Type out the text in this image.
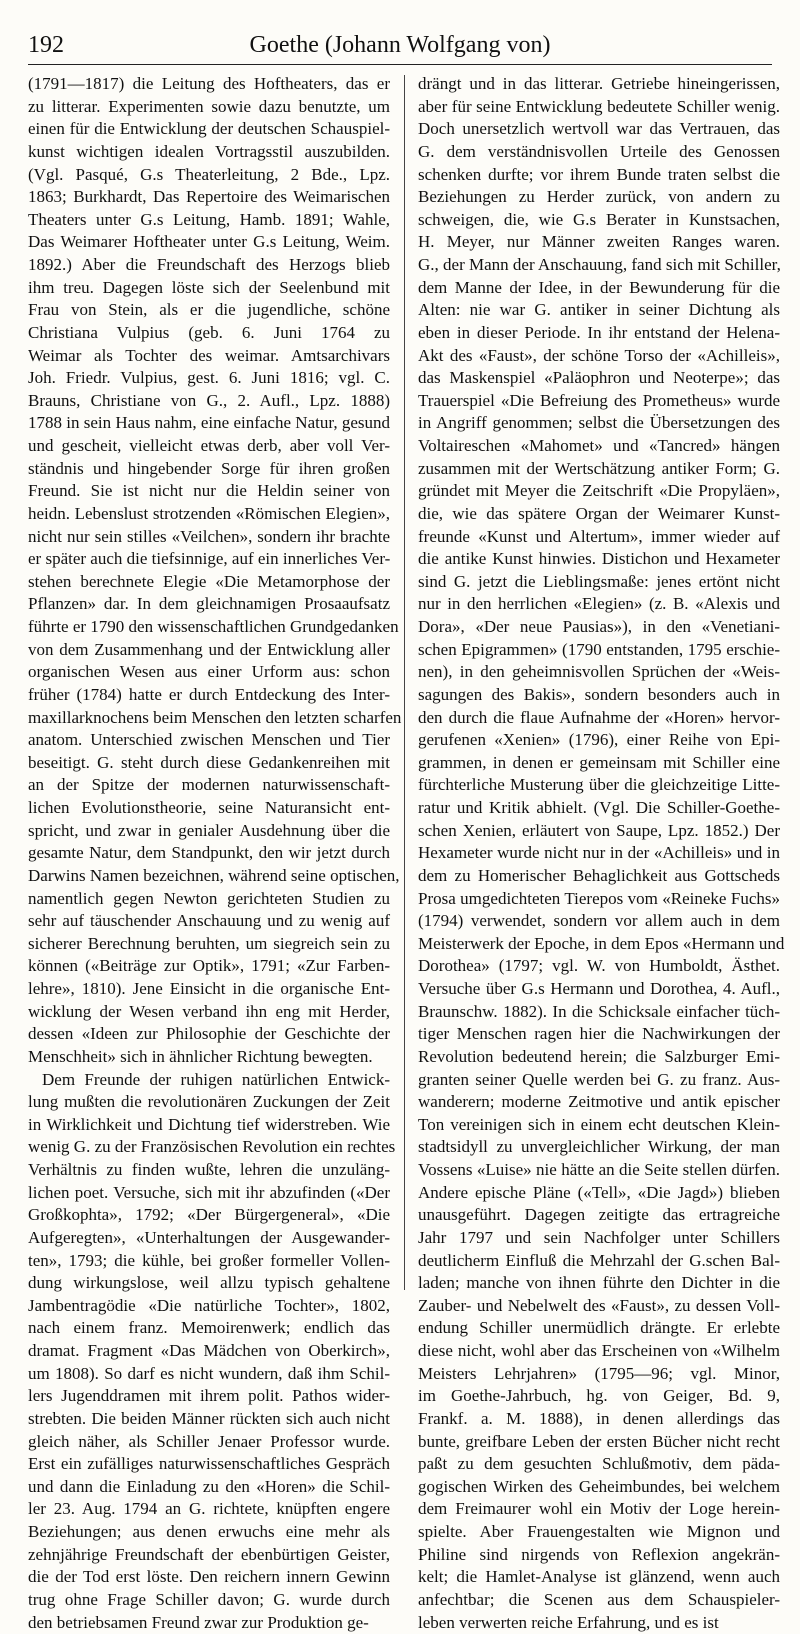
192	Goethe (Johann Wolfgang von)
(1791—1817) die Leitung des Hoftheaters, das er
zu litterar. Experimenten sowie dazu benutzte, um
einen für die Entwicklung der deutschen Schauspiel-
kunst wichtigen idealen Vortragsstil auszubilden.
(Vgl. Pasqué, G.s Theaterleitung, 2 Bde., Lpz.
1863; Burkhardt, Das Repertoire des Weimarischen
Theaters unter G.s Leitung, Hamb. 1891; Wahle,
Das Weimarer Hoftheater unter G.s Leitung, Weim.
1892.) Aber die Freundschaft des Herzogs blieb
ihm treu. Dagegen löste sich der Seelenbund mit
Frau von Stein, als er die jugendliche, schöne
Christiana Vulpius (geb. 6. Juni 1764 zu
Weimar als Tochter des weimar. Amtsarchivars
Joh. Friedr. Vulpius, gest. 6. Juni 1816; vgl. C.
Brauns, Christiane von G., 2. Aufl., Lpz. 1888)
1788 in sein Haus nahm, eine einfache Natur, gesund
und gescheit, vielleicht etwas derb, aber voll Ver-
ständnis und hingebender Sorge für ihren großen
Freund. Sie ist nicht nur die Heldin seiner von
heidn. Lebenslust strotzenden «Römischen Elegien»,
nicht nur sein stilles «Veilchen», sondern ihr brachte
er später auch die tiefsinnige, auf ein innerliches Ver-
stehen berechnete Elegie «Die Metamorphose der
Pflanzen» dar. In dem gleichnamigen Prosaaufsatz
führte er 1790 den wissenschaftlichen Grundgedanken
von dem Zusammenhang und der Entwicklung aller
organischen Wesen aus einer Urform aus: schon
früher (1784) hatte er durch Entdeckung des Inter-
maxillarknochens beim Menschen den letzten scharfen
anatom. Unterschied zwischen Menschen und Tier
beseitigt. G. steht durch diese Gedankenreihen mit
an der Spitze der modernen naturwissenschaft-
lichen Evolutionstheorie, seine Naturansicht ent-
spricht, und zwar in genialer Ausdehnung über die
gesamte Natur, dem Standpunkt, den wir jetzt durch
Darwins Namen bezeichnen, während seine optischen,
namentlich gegen Newton gerichteten Studien zu
sehr auf täuschender Anschauung und zu wenig auf
sicherer Berechnung beruhten, um siegreich sein zu
können («Beiträge zur Optik», 1791; «Zur Farben-
lehre», 1810). Jene Einsicht in die organische Ent-
wicklung der Wesen verband ihn eng mit Herder,
dessen «Ideen zur Philosophie der Geschichte der
Menschheit» sich in ähnlicher Richtung bewegten.
Dem Freunde der ruhigen natürlichen Entwick-
lung mußten die revolutionären Zuckungen der Zeit
in Wirklichkeit und Dichtung tief widerstreben. Wie
wenig G. zu der Französischen Revolution ein rechtes
Verhältnis zu finden wußte, lehren die unzuläng-
lichen poet. Versuche, sich mit ihr abzufinden («Der
Großkophta», 1792; «Der Bürgergeneral», «Die
Aufgeregten», «Unterhaltungen der Ausgewander-
ten», 1793; die kühle, bei großer formeller Vollen-
dung wirkungslose, weil allzu typisch gehaltene
Jambentragödie «Die natürliche Tochter», 1802,
nach einem franz. Memoirenwerk; endlich das
dramat. Fragment «Das Mädchen von Oberkirch»,
um 1808). So darf es nicht wundern, daß ihm Schil-
lers Jugenddramen mit ihrem polit. Pathos wider-
strebten. Die beiden Männer rückten sich auch nicht
gleich näher, als Schiller Jenaer Professor wurde.
Erst ein zufälliges naturwissenschaftliches Gespräch
und dann die Einladung zu den «Horen» die Schil-
ler 23. Aug. 1794 an G. richtete, knüpften engere
Beziehungen; aus denen erwuchs eine mehr als
zehnjährige Freundschaft der ebenbürtigen Geister,
die der Tod erst löste. Den reichern innern Gewinn
trug ohne Frage Schiller davon; G. wurde durch
den betriebsamen Freund zwar zur Produktion ge-
drängt und in das litterar. Getriebe hineingerissen,
aber für seine Entwicklung bedeutete Schiller wenig.
Doch unersetzlich wertvoll war das Vertrauen, das
G. dem verständnisvollen Urteile des Genossen
schenken durfte; vor ihrem Bunde traten selbst die
Beziehungen zu Herder zurück, von andern zu
schweigen, die, wie G.s Berater in Kunstsachen,
H. Meyer, nur Männer zweiten Ranges waren.
G., der Mann der Anschauung, fand sich mit Schiller,
dem Manne der Idee, in der Bewunderung für die
Alten: nie war G. antiker in seiner Dichtung als
eben in dieser Periode. In ihr entstand der Helena-
Akt des «Faust», der schöne Torso der «Achilleis»,
das Maskenspiel «Paläophron und Neoterpe»; das
Trauerspiel «Die Befreiung des Prometheus» wurde
in Angriff genommen; selbst die Übersetzungen des
Voltaireschen «Mahomet» und «Tancred» hängen
zusammen mit der Wertschätzung antiker Form; G.
gründet mit Meyer die Zeitschrift «Die Propyläen»,
die, wie das spätere Organ der Weimarer Kunst-
freunde «Kunst und Altertum», immer wieder auf
die antike Kunst hinwies. Distichon und Hexameter
sind G. jetzt die Lieblingsmaße: jenes ertönt nicht
nur in den herrlichen «Elegien» (z. B. «Alexis und
Dora», «Der neue Pausias»), in den «Venetiani-
schen Epigrammen» (1790 entstanden, 1795 erschie-
nen), in den geheimnisvollen Sprüchen der «Weis-
sagungen des Bakis», sondern besonders auch in
den durch die flaue Aufnahme der «Horen» hervor-
gerufenen «Xenien» (1796), einer Reihe von Epi-
grammen, in denen er gemeinsam mit Schiller eine
fürchterliche Musterung über die gleichzeitige Litte-
ratur und Kritik abhielt. (Vgl. Die Schiller-Goethe-
schen Xenien, erläutert von Saupe, Lpz. 1852.) Der
Hexameter wurde nicht nur in der «Achilleis» und in
dem zu Homerischer Behaglichkeit aus Gottscheds
Prosa umgedichteten Tierepos vom «Reineke Fuchs»
(1794) verwendet, sondern vor allem auch in dem
Meisterwerk der Epoche, in dem Epos «Hermann und
Dorothea» (1797; vgl. W. von Humboldt, Ästhet.
Versuche über G.s Hermann und Dorothea, 4. Aufl.,
Braunschw. 1882). In die Schicksale einfacher tüch-
tiger Menschen ragen hier die Nachwirkungen der
Revolution bedeutend herein; die Salzburger Emi-
granten seiner Quelle werden bei G. zu franz. Aus-
wanderern; moderne Zeitmotive und antik epischer
Ton vereinigen sich in einem echt deutschen Klein-
stadtsidyll zu unvergleichlicher Wirkung, der man
Vossens «Luise» nie hätte an die Seite stellen dürfen.
Andere epische Pläne («Tell», «Die Jagd») blieben
unausgeführt. Dagegen zeitigte das ertragreiche
Jahr 1797 und sein Nachfolger unter Schillers
deutlicherm Einfluß die Mehrzahl der G.schen Bal-
laden; manche von ihnen führte den Dichter in die
Zauber- und Nebelwelt des «Faust», zu dessen Voll-
endung Schiller unermüdlich drängte. Er erlebte
diese nicht, wohl aber das Erscheinen von «Wilhelm
Meisters Lehrjahren» (1795—96; vgl. Minor,
im Goethe-Jahrbuch, hg. von Geiger, Bd. 9,
Frankf. a. M. 1888), in denen allerdings das
bunte, greifbare Leben der ersten Bücher nicht recht
paßt zu dem gesuchten Schlußmotiv, dem päda-
gogischen Wirken des Geheimbundes, bei welchem
dem Freimaurer wohl ein Motiv der Loge herein-
spielte. Aber Frauengestalten wie Mignon und
Philine sind nirgends von Reflexion angekrän-
kelt; die Hamlet-Analyse ist glänzend, wenn auch
anfechtbar; die Scenen aus dem Schauspieler-
leben verwerten reiche Erfahrung, und es ist
